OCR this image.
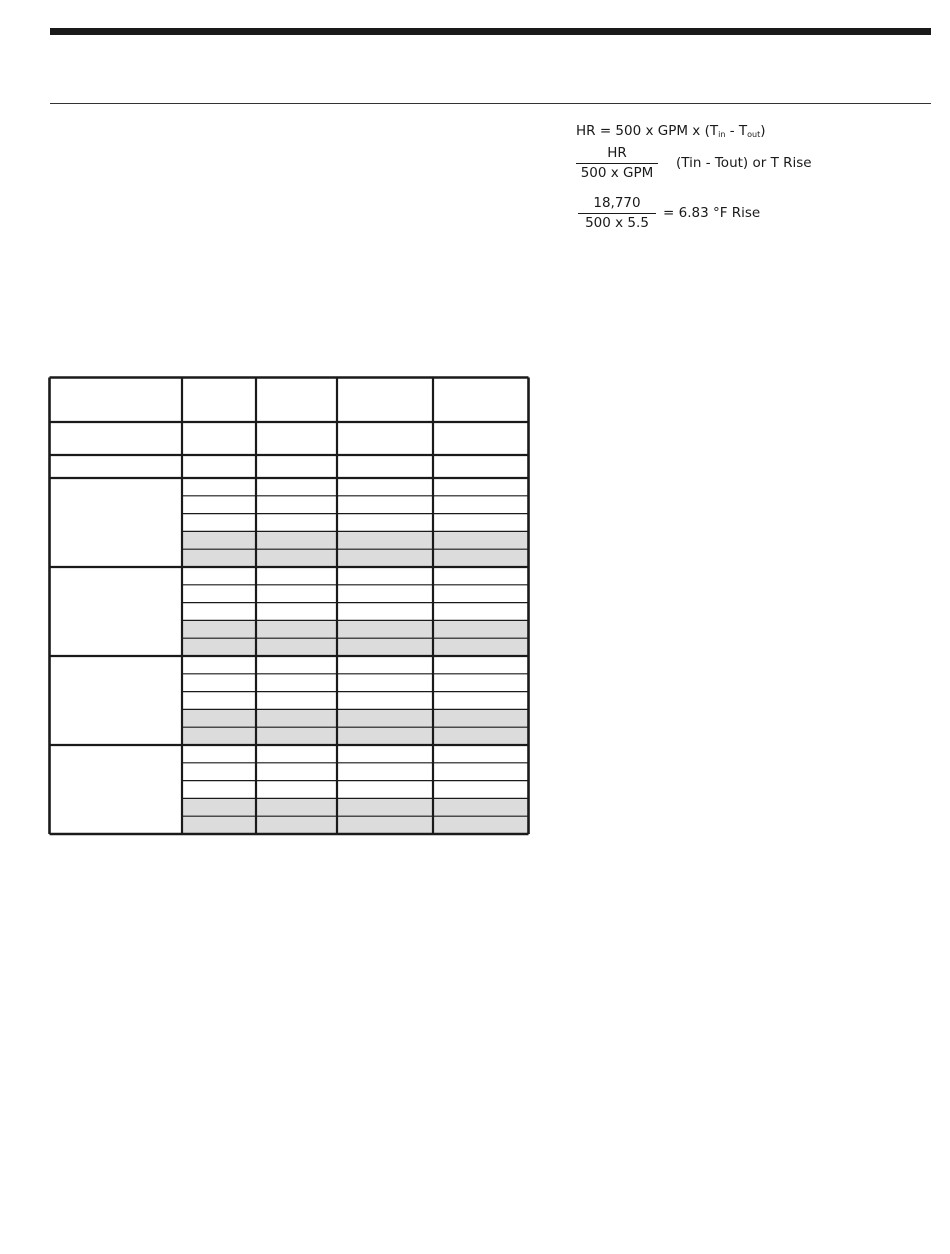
HR = 500 x GPM x $(T_{in} - T_{out})$
HR
500 x GPM
(Tin - Tout) or T Rise
$\frac{18,770}{500 x 5.5} = 6.83$ °F Rise
